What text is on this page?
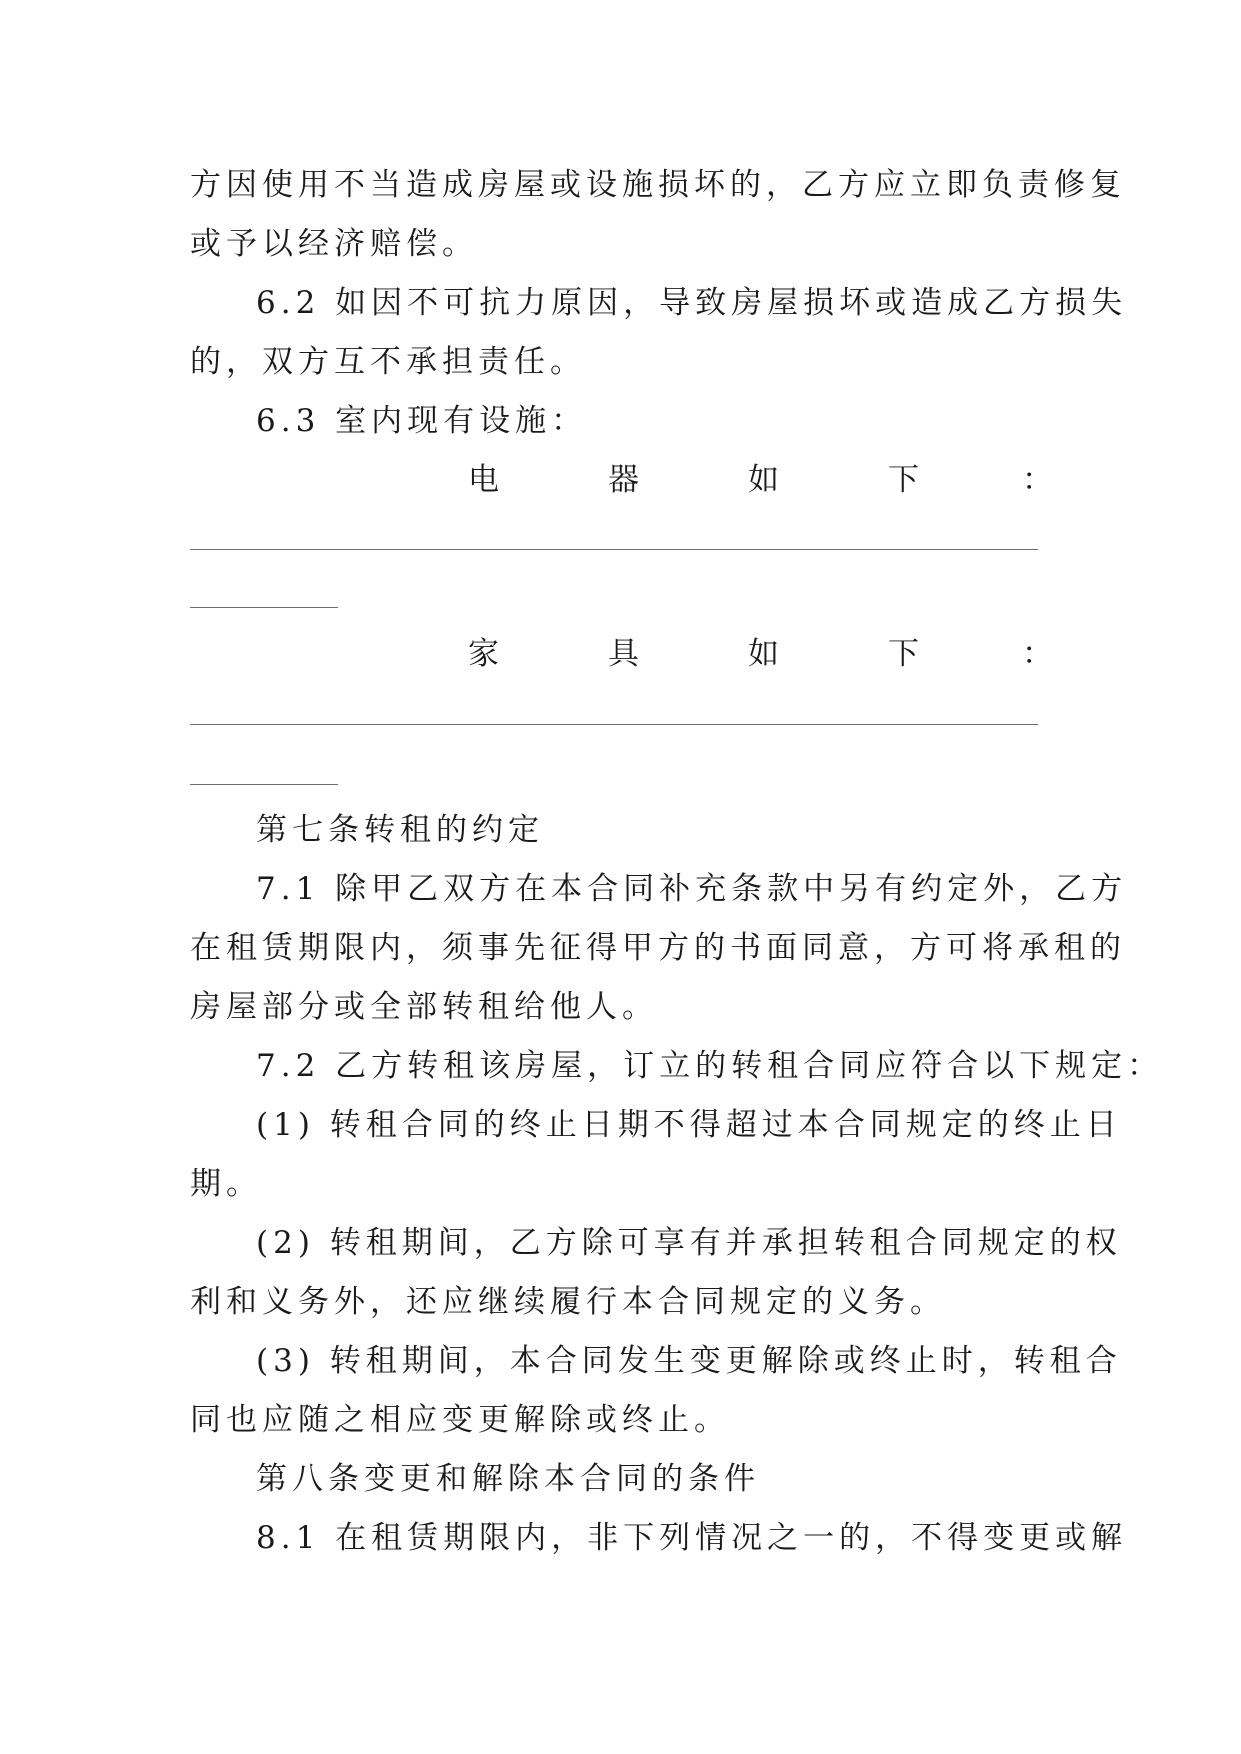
方因使用不当造成房屋或设施损坏的，乙方应立即负责修复
或予以经济赔偿。
6.2 如因不可抗力原因，导致房屋损坏或造成乙方损失
的，双方互不承担责任。
6.3 室内现有设施：
电	器	如	下	：
家	具	如	下	：
第七条转租的约定
7.1 除甲乙双方在本合同补充条款中另有约定外，乙方
在租赁期限内，须事先征得甲方的书面同意，方可将承租的
房屋部分或全部转租给他人。
7.2 乙方转租该房屋，订立的转租合同应符合以下规定：
(1) 转租合同的终止日期不得超过本合同规定的终止日
期。
(2) 转租期间，乙方除可享有并承担转租合同规定的权
利和义务外，还应继续履行本合同规定的义务。
(3) 转租期间，本合同发生变更解除或终止时，转租合
同也应随之相应变更解除或终止。
第八条变更和解除本合同的条件
8.1 在租赁期限内，非下列情况之一的，不得变更或解
